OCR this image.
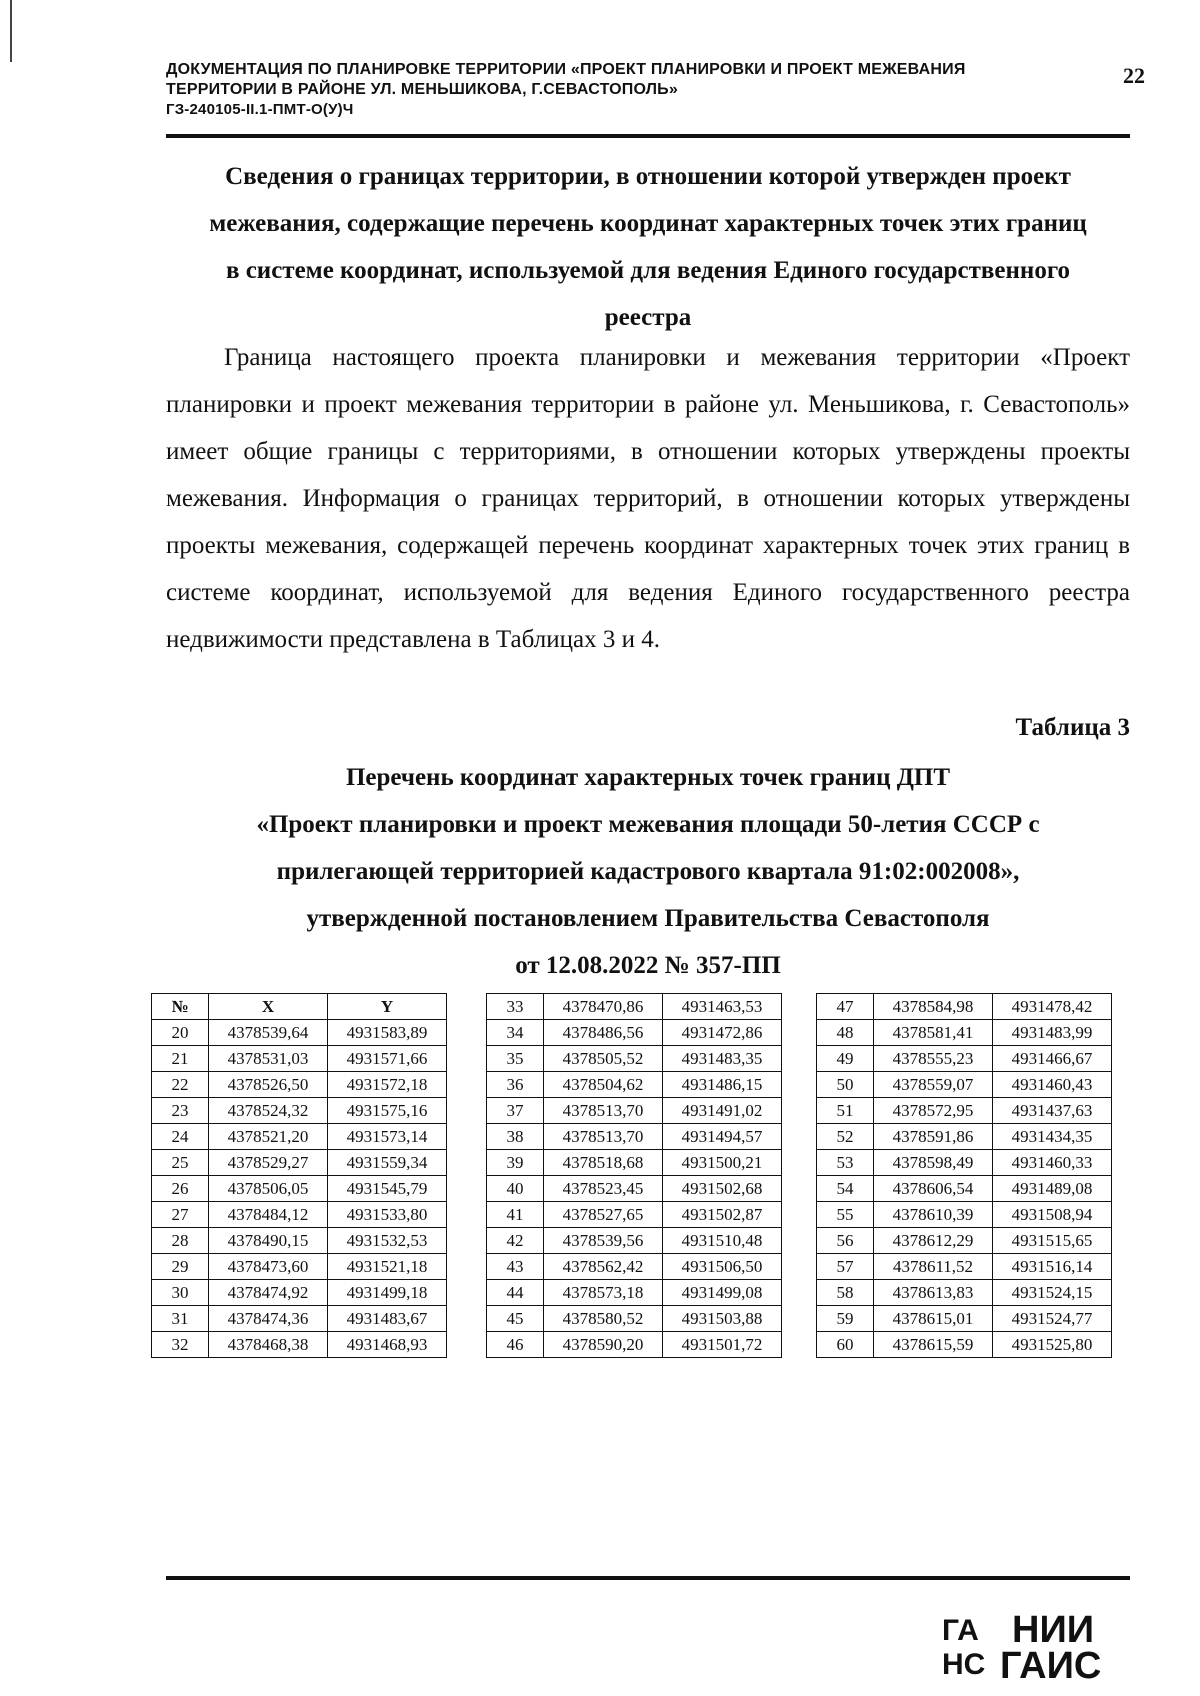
ДОКУМЕНТАЦИЯ ПО ПЛАНИРОВКЕ ТЕРРИТОРИИ «ПРОЕКТ ПЛАНИРОВКИ И ПРОЕКТ МЕЖЕВАНИЯ
ТЕРРИТОРИИ В РАЙОНЕ УЛ. МЕНЬШИКОВА, Г.СЕВАСТОПОЛЬ»
ГЗ-240105-II.1-ПМТ-О(У)Ч
22
Сведения о границах территории, в отношении которой утвержден проект
межевания, содержащие перечень координат характерных точек этих границ
в системе координат, используемой для ведения Единого государственного
реестра
Граница настоящего проекта планировки и межевания территории «Проект планировки и проект межевания территории в районе ул. Меньшикова, г. Севастополь» имеет общие границы с территориями, в отношении которых утверждены проекты межевания. Информация о границах территорий, в отношении которых утверждены проекты межевания, содержащей перечень координат характерных точек этих границ в системе координат, используемой для ведения Единого государственного реестра недвижимости представлена в Таблицах 3 и 4.
Таблица 3
Перечень координат характерных точек границ ДПТ
«Проект планировки и проект межевания площади 50-летия СССР с
прилегающей территорией кадастрового квартала 91:02:002008»,
утвержденной постановлением Правительства Севастополя
от 12.08.2022 № 357-ПП
№	X	Y
20	4378539,64	4931583,89
21	4378531,03	4931571,66
22	4378526,50	4931572,18
23	4378524,32	4931575,16
24	4378521,20	4931573,14
25	4378529,27	4931559,34
26	4378506,05	4931545,79
27	4378484,12	4931533,80
28	4378490,15	4931532,53
29	4378473,60	4931521,18
30	4378474,92	4931499,18
31	4378474,36	4931483,67
32	4378468,38	4931468,93
33	4378470,86	4931463,53
34	4378486,56	4931472,86
35	4378505,52	4931483,35
36	4378504,62	4931486,15
37	4378513,70	4931491,02
38	4378513,70	4931494,57
39	4378518,68	4931500,21
40	4378523,45	4931502,68
41	4378527,65	4931502,87
42	4378539,56	4931510,48
43	4378562,42	4931506,50
44	4378573,18	4931499,08
45	4378580,52	4931503,88
46	4378590,20	4931501,72
47	4378584,98	4931478,42
48	4378581,41	4931483,99
49	4378555,23	4931466,67
50	4378559,07	4931460,43
51	4378572,95	4931437,63
52	4378591,86	4931434,35
53	4378598,49	4931460,33
54	4378606,54	4931489,08
55	4378610,39	4931508,94
56	4378612,29	4931515,65
57	4378611,52	4931516,14
58	4378613,83	4931524,15
59	4378615,01	4931524,77
60	4378615,59	4931525,80
ГА
НС
НИИ
ГАИС
